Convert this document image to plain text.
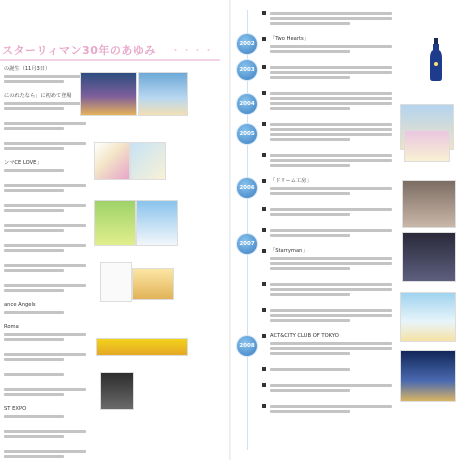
スターリィマン30年のあゆみ ・・・・
の誕生（11月3日）
にのれたなら」に初めて登場
ンマCE LOVE」
ance Angels
Roma
ST EXPO
2002
2003
2004
2005
2006
2007
2008
「Two Hearts」
「ドリーム工房」
「Starryman」
ACT&CITY CLUB OF TOKYO
